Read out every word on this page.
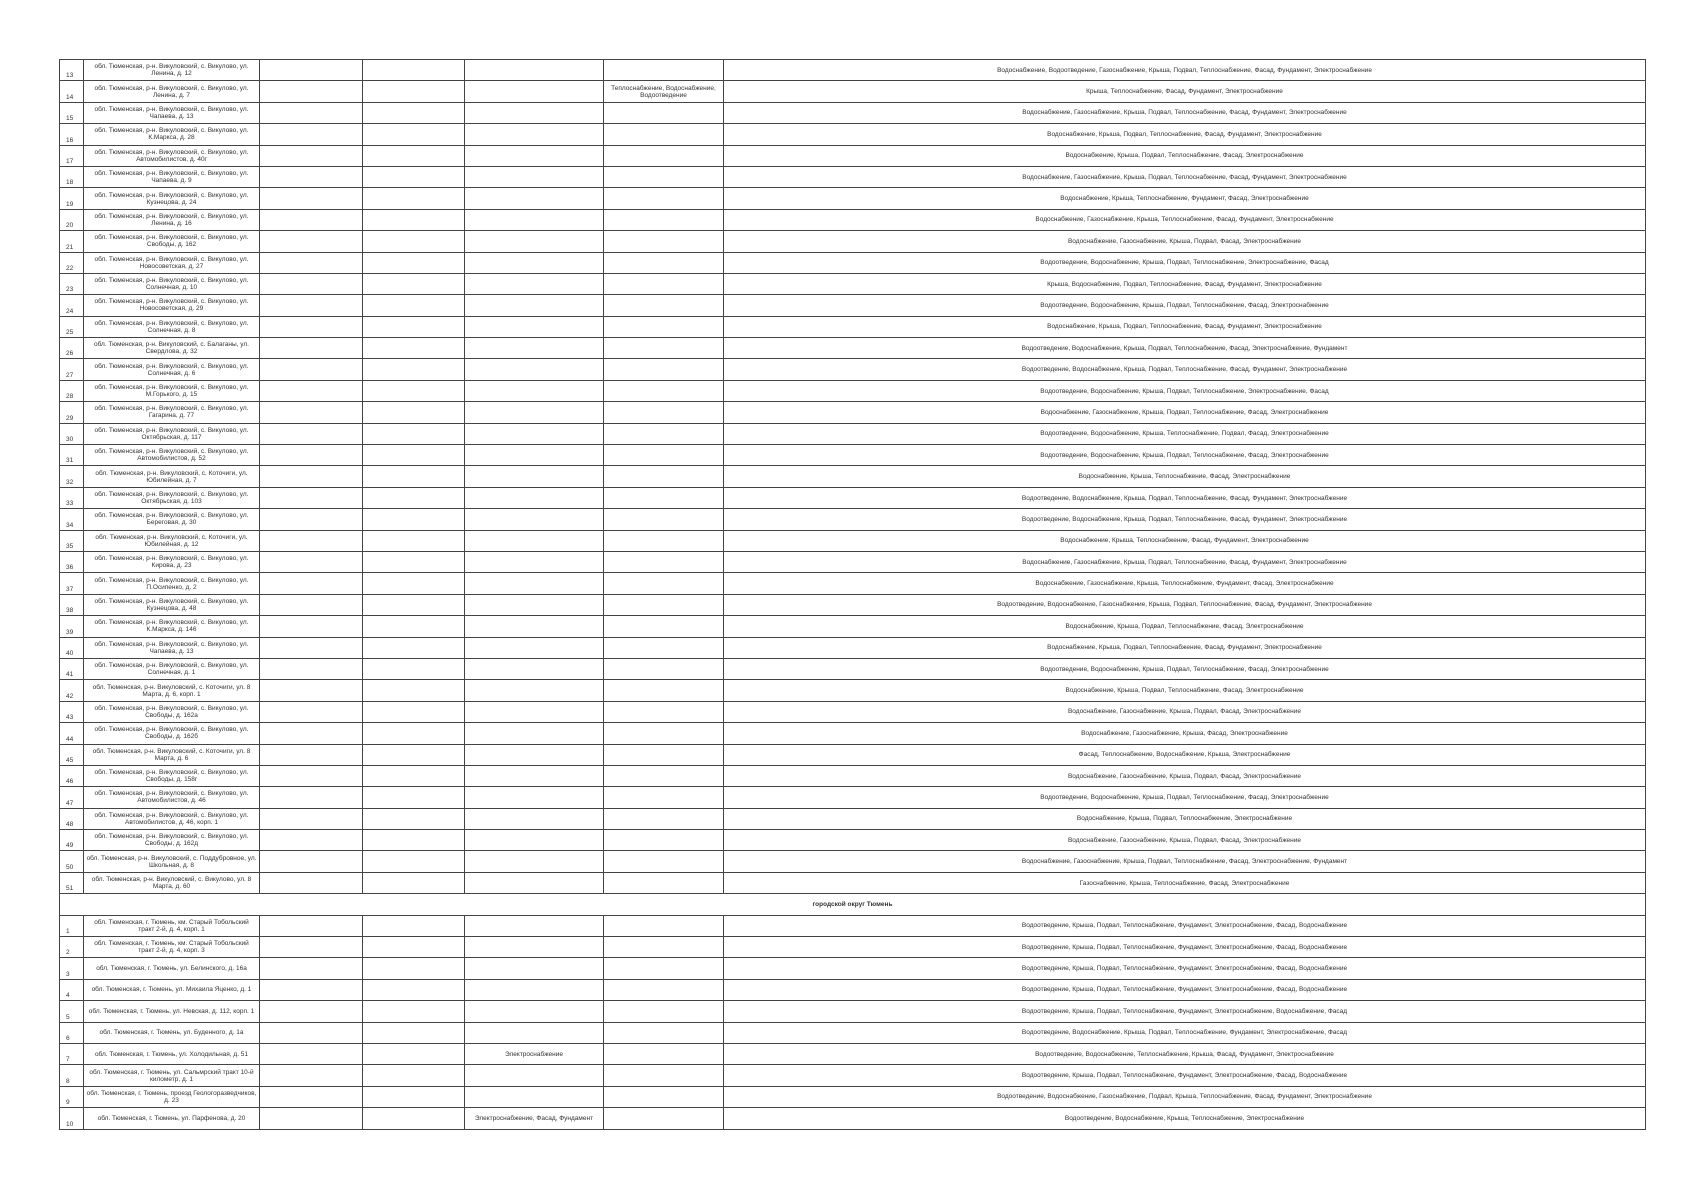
13	обл. Тюменская, р-н. Викуловский, с. Викулово, ул. Ленина, д. 12					Водоснабжение, Водоотведение, Газоснабжение, Крыша, Подвал, Теплоснабжение, Фасад, Фундамент, Электроснабжение
14	обл. Тюменская, р-н. Викуловский, с. Викулово, ул. Ленина, д. 7				Теплоснабжение, Водоснабжение, Водоотведение	Крыша, Теплоснабжение, Фасад, Фундамент, Электроснабжение
15	обл. Тюменская, р-н. Викуловский, с. Викулово, ул. Чапаева, д. 13					Водоснабжение, Газоснабжение, Крыша, Подвал, Теплоснабжение, Фасад, Фундамент, Электроснабжение
16	обл. Тюменская, р-н. Викуловский, с. Викулово, ул. К.Маркса, д. 28					Водоснабжение, Крыша, Подвал, Теплоснабжение, Фасад, Фундамент, Электроснабжение
17	обл. Тюменская, р-н. Викуловский, с. Викулово, ул. Автомобилистов, д. 40г					Водоснабжение, Крыша, Подвал, Теплоснабжение, Фасад, Электроснабжение
18	обл. Тюменская, р-н. Викуловский, с. Викулово, ул. Чапаева, д. 9					Водоснабжение, Газоснабжение, Крыша, Подвал, Теплоснабжение, Фасад, Фундамент, Электроснабжение
19	обл. Тюменская, р-н. Викуловский, с. Викулово, ул. Кузнецова, д. 24					Водоснабжение, Крыша, Теплоснабжение, Фундамент, Фасад, Электроснабжение
20	обл. Тюменская, р-н. Викуловский, с. Викулово, ул. Ленина, д. 16					Водоснабжение, Газоснабжение, Крыша, Теплоснабжение, Фасад, Фундамент, Электроснабжение
21	обл. Тюменская, р-н. Викуловский, с. Викулово, ул. Свободы, д. 162					Водоснабжение, Газоснабжение, Крыша, Подвал, Фасад, Электроснабжение
22	обл. Тюменская, р-н. Викуловский, с. Викулово, ул. Новосоветская, д. 27					Водоотведение, Водоснабжение, Крыша, Подвал, Теплоснабжение, Электроснабжение, Фасад
23	обл. Тюменская, р-н. Викуловский, с. Викулово, ул. Солнечная, д. 10					Крыша, Водоснабжение, Подвал, Теплоснабжение, Фасад, Фундамент, Электроснабжение
24	обл. Тюменская, р-н. Викуловский, с. Викулово, ул. Новосоветская, д. 29					Водоотведение, Водоснабжение, Крыша, Подвал, Теплоснабжение, Фасад, Электроснабжение
25	обл. Тюменская, р-н. Викуловский, с. Викулово, ул. Солнечная, д. 8					Водоснабжение, Крыша, Подвал, Теплоснабжение, Фасад, Фундамент, Электроснабжение
26	обл. Тюменская, р-н. Викуловский, с. Балаганы, ул. Свердлова, д. 32					Водоотведение, Водоснабжение, Крыша, Подвал, Теплоснабжение, Фасад, Электроснабжение, Фундамент
27	обл. Тюменская, р-н. Викуловский, с. Викулово, ул. Солнечная, д. 6					Водоотведение, Водоснабжение, Крыша, Подвал, Теплоснабжение, Фасад, Фундамент, Электроснабжение
28	обл. Тюменская, р-н. Викуловский, с. Викулово, ул. М.Горького, д. 15					Водоотведение, Водоснабжение, Крыша, Подвал, Теплоснабжение, Электроснабжение, Фасад
29	обл. Тюменская, р-н. Викуловский, с. Викулово, ул. Гагарина, д. 77					Водоснабжение, Газоснабжение, Крыша, Подвал, Теплоснабжение, Фасад, Электроснабжение
30	обл. Тюменская, р-н. Викуловский, с. Викулово, ул. Октябрьская, д. 117					Водоотведение, Водоснабжение, Крыша, Теплоснабжение, Подвал, Фасад, Электроснабжение
31	обл. Тюменская, р-н. Викуловский, с. Викулово, ул. Автомобилистов, д. 52					Водоотведение, Водоснабжение, Крыша, Подвал, Теплоснабжение, Фасад, Электроснабжение
32	обл. Тюменская, р-н. Викуловский, с. Коточиги, ул. Юбилейная, д. 7					Водоснабжение, Крыша, Теплоснабжение, Фасад, Электроснабжение
33	обл. Тюменская, р-н. Викуловский, с. Викулово, ул. Октябрьская, д. 103					Водоотведение, Водоснабжение, Крыша, Подвал, Теплоснабжение, Фасад, Фундамент, Электроснабжение
34	обл. Тюменская, р-н. Викуловский, с. Викулово, ул. Береговая, д. 30					Водоотведение, Водоснабжение, Крыша, Подвал, Теплоснабжение, Фасад, Фундамент, Электроснабжение
35	обл. Тюменская, р-н. Викуловский, с. Коточиги, ул. Юбилейная, д. 12					Водоснабжение, Крыша, Теплоснабжение, Фасад, Фундамент, Электроснабжение
36	обл. Тюменская, р-н. Викуловский, с. Викулово, ул. Кирова, д. 23					Водоснабжение, Газоснабжение, Крыша, Подвал, Теплоснабжение, Фасад, Фундамент, Электроснабжение
37	обл. Тюменская, р-н. Викуловский, с. Викулово, ул. П.Осипенко, д. 2					Водоснабжение, Газоснабжение, Крыша, Теплоснабжение, Фундамент, Фасад, Электроснабжение
38	обл. Тюменская, р-н. Викуловский, с. Викулово, ул. Кузнецова, д. 48					Водоотведение, Водоснабжение, Газоснабжение, Крыша, Подвал, Теплоснабжение, Фасад, Фундамент, Электроснабжение
39	обл. Тюменская, р-н. Викуловский, с. Викулово, ул. К.Маркса, д. 146					Водоснабжение, Крыша, Подвал, Теплоснабжение, Фасад, Электроснабжение
40	обл. Тюменская, р-н. Викуловский, с. Викулово, ул. Чапаева, д. 13					Водоснабжение, Крыша, Подвал, Теплоснабжение, Фасад, Фундамент, Электроснабжение
41	обл. Тюменская, р-н. Викуловский, с. Викулово, ул. Солнечная, д. 1					Водоотведение, Водоснабжение, Крыша, Подвал, Теплоснабжение, Фасад, Электроснабжение
42	обл. Тюменская, р-н. Викуловский, с. Коточиги, ул. 8 Марта, д. 6, корп. 1					Водоснабжение, Крыша, Подвал, Теплоснабжение, Фасад, Электроснабжение
43	обл. Тюменская, р-н. Викуловский, с. Викулово, ул. Свободы, д. 162а					Водоснабжение, Газоснабжение, Крыша, Подвал, Фасад, Электроснабжение
44	обл. Тюменская, р-н. Викуловский, с. Викулово, ул. Свободы, д. 162б					Водоснабжение, Газоснабжение, Крыша, Фасад, Электроснабжение
45	обл. Тюменская, р-н. Викуловский, с. Коточиги, ул. 8 Марта, д. 6					Фасад, Теплоснабжение, Водоснабжение, Крыша, Электроснабжение
46	обл. Тюменская, р-н. Викуловский, с. Викулово, ул. Свободы, д. 158г					Водоснабжение, Газоснабжение, Крыша, Подвал, Фасад, Электроснабжение
47	обл. Тюменская, р-н. Викуловский, с. Викулово, ул. Автомобилистов, д. 46					Водоотведение, Водоснабжение, Крыша, Подвал, Теплоснабжение, Фасад, Электроснабжение
48	обл. Тюменская, р-н. Викуловский, с. Викулово, ул. Автомобилистов, д. 46, корп. 1					Водоснабжение, Крыша, Подвал, Теплоснабжение, Электроснабжение
49	обл. Тюменская, р-н. Викуловский, с. Викулово, ул. Свободы, д. 162д					Водоснабжение, Газоснабжение, Крыша, Подвал, Фасад, Электроснабжение
50	обл. Тюменская, р-н. Викуловский, с. Поддубровное, ул. Школьная, д. 8					Водоснабжение, Газоснабжение, Крыша, Подвал, Теплоснабжение, Фасад, Электроснабжение, Фундамент
51	обл. Тюменская, р-н. Викуловский, с. Викулово, ул. 8 Марта, д. 60					Газоснабжение, Крыша, Теплоснабжение, Фасад, Электроснабжение
городской округ Тюмень						
1	обл. Тюменская, г. Тюмень, км. Старый Тобольский тракт 2-й, д. 4, корп. 1					Водоотведение, Крыша, Подвал, Теплоснабжение, Фундамент, Электроснабжение, Фасад, Водоснабжение
2	обл. Тюменская, г. Тюмень, км. Старый Тобольский тракт 2-й, д. 4, корп. 3					Водоотведение, Крыша, Подвал, Теплоснабжение, Фундамент, Электроснабжение, Фасад, Водоснабжение
3	обл. Тюменская, г. Тюмень, ул. Белинского, д. 16а					Водоотведение, Крыша, Подвал, Теплоснабжение, Фундамент, Электроснабжение, Фасад, Водоснабжение
4	обл. Тюменская, г. Тюмень, ул. Михаила Яценко, д. 1					Водоотведение, Крыша, Подвал, Теплоснабжение, Фундамент, Электроснабжение, Фасад, Водоснабжение
5	обл. Тюменская, г. Тюмень, ул. Невская, д. 112, корп. 1					Водоотведение, Крыша, Подвал, Теплоснабжение, Фундамент, Электроснабжение, Водоснабжение, Фасад
6	обл. Тюменская, г. Тюмень, ул. Буденного, д. 1а					Водоотведение, Водоснабжение, Крыша, Подвал, Теплоснабжение, Фундамент, Электроснабжение, Фасад
7	обл. Тюменская, г. Тюмень, ул. Холодильная, д. 51			Электроснабжение		Водоотведение, Водоснабжение, Теплоснабжение, Крыша, Фасад, Фундамент, Электроснабжение
8	обл. Тюменская, г. Тюмень, ул. Сальмрский тракт 10-й километр, д. 1					Водоотведение, Крыша, Подвал, Теплоснабжение, Фундамент, Электроснабжение, Фасад, Водоснабжение
9	обл. Тюменская, г. Тюмень, проезд Геологоразведчиков, д. 23					Водоотведение, Водоснабжение, Газоснабжение, Подвал, Крыша, Теплоснабжение, Фасад, Фундамент, Электроснабжение
10	обл. Тюменская, г. Тюмень, ул. Парфенова, д. 20			Электроснабжение, Фасад, Фундамент		Водоотведение, Водоснабжение, Крыша, Теплоснабжение, Электроснабжение
